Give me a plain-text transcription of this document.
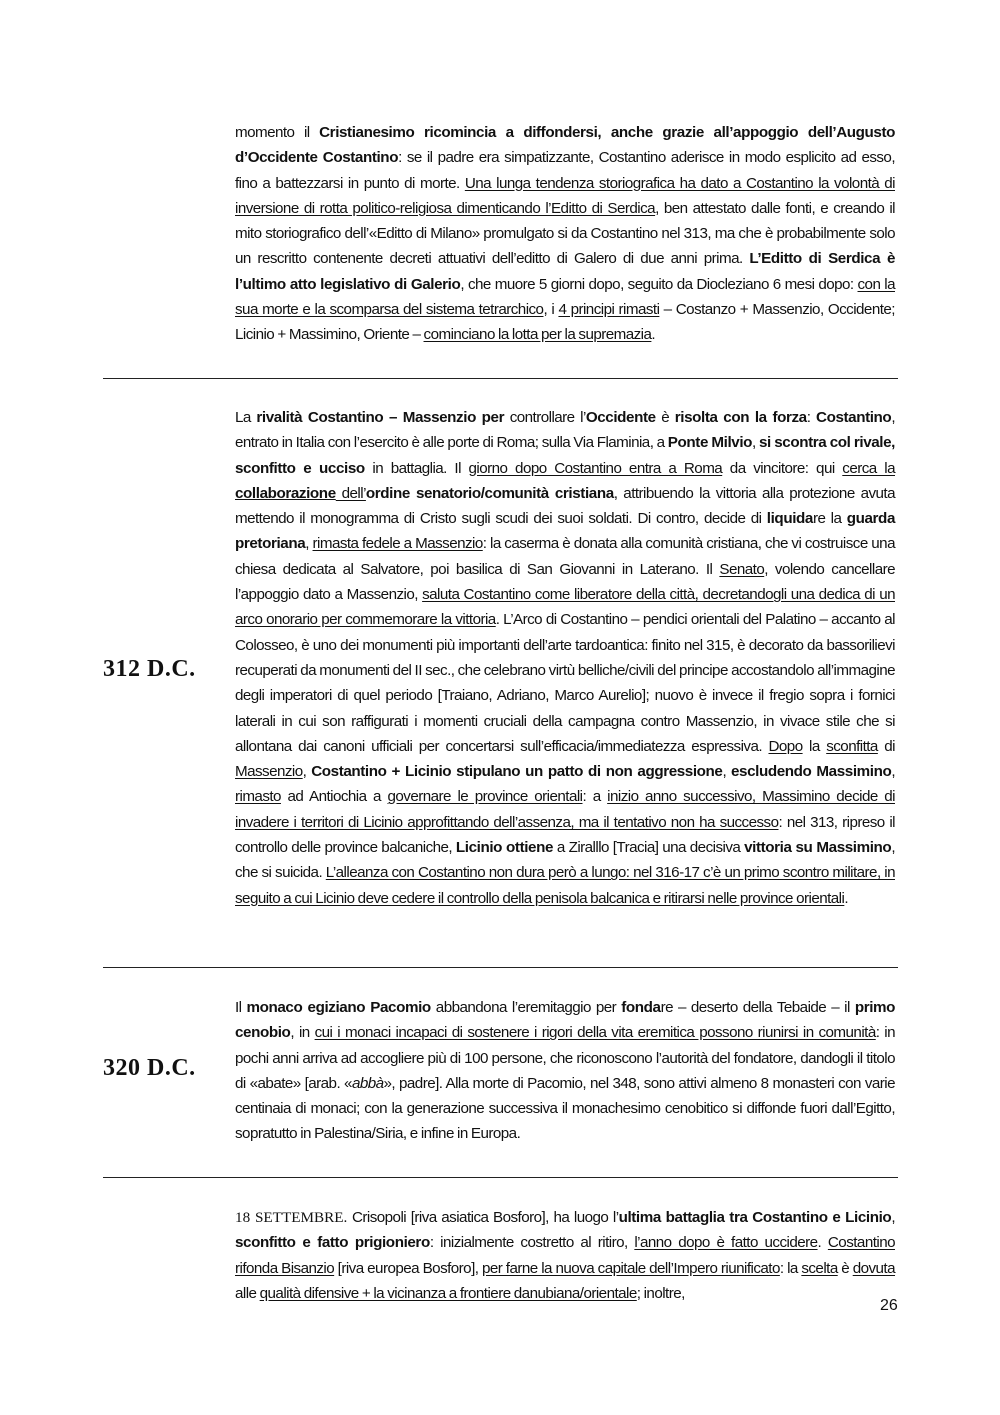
momento il Cristianesimo ricomincia a diffondersi, anche grazie all’appoggio dell’Augusto d’Occidente Costantino: se il padre era simpatizzante, Costantino aderisce in modo esplicito ad esso, fino a battezzarsi in punto di morte. Una lunga tendenza storiografica ha dato a Costantino la volontà di inversione di rotta politico-religiosa dimenticando l’Editto di Serdica, ben attestato dalle fonti, e creando il mito storiografico dell’«Editto di Milano» promulgato si da Costantino nel 313, ma che è probabilmente solo un rescritto contenente decreti attuativi dell’editto di Galero di due anni prima. L’Editto di Serdica è l’ultimo atto legislativo di Galerio, che muore 5 giorni dopo, seguito da Diocleziano 6 mesi dopo: con la sua morte e la scomparsa del sistema tetrarchico, i 4 principi rimasti – Costanzo + Massenzio, Occidente; Licinio + Massimino, Oriente – cominciano la lotta per la supremazia.
312 D.C.
La rivalità Costantino – Massenzio per controllare l’Occidente è risolta con la forza: Costantino, entrato in Italia con l’esercito è alle porte di Roma; sulla Via Flaminia, a Ponte Milvio, si scontra col rivale, sconfitto e ucciso in battaglia. Il giorno dopo Costantino entra a Roma da vincitore: qui cerca la collaborazione dell’ordine senatorio/comunità cristiana, attribuendo la vittoria alla protezione avuta mettendo il monogramma di Cristo sugli scudi dei suoi soldati. Di contro, decide di liquidare la guarda pretoriana, rimasta fedele a Massenzio: la caserma è donata alla comunità cristiana, che vi costruisce una chiesa dedicata al Salvatore, poi basilica di San Giovanni in Laterano. Il Senato, volendo cancellare l’appoggio dato a Massenzio, saluta Costantino come liberatore della città, decretandogli una dedica di un arco onorario per commemorare la vittoria. L’Arco di Costantino – pendici orientali del Palatino – accanto al Colosseo, è uno dei monumenti più importanti dell’arte tardoantica: finito nel 315, è decorato da bassorilievi recuperati da monumenti del II sec., che celebrano virtù belliche/civili del principe accostandolo all’immagine degli imperatori di quel periodo [Traiano, Adriano, Marco Aurelio]; nuovo è invece il fregio sopra i fornici laterali in cui son raffigurati i momenti cruciali della campagna contro Massenzio, in vivace stile che si allontana dai canoni ufficiali per concertarsi sull’efficacia/immediatezza espressiva. Dopo la sconfitta di Massenzio, Costantino + Licinio stipulano un patto di non aggressione, escludendo Massimino, rimasto ad Antiochia a governare le province orientali: a inizio anno successivo, Massimino decide di invadere i territori di Licinio approfittando dell’assenza, ma il tentativo non ha successo: nel 313, ripreso il controllo delle province balcaniche, Licinio ottiene a Ziralllo [Tracia] una decisiva vittoria su Massimino, che si suicida. L’alleanza con Costantino non dura però a lungo: nel 316-17 c’è un primo scontro militare, in seguito a cui Licinio deve cedere il controllo della penisola balcanica e ritirarsi nelle province orientali.
320 D.C.
Il monaco egiziano Pacomio abbandona l’eremitaggio per fondare – deserto della Tebaide – il primo cenobio, in cui i monaci incapaci di sostenere i rigori della vita eremitica possono riunirsi in comunità: in pochi anni arriva ad accogliere più di 100 persone, che riconoscono l’autorità del fondatore, dandogli il titolo di «abate» [arab. «abbà», padre]. Alla morte di Pacomio, nel 348, sono attivi almeno 8 monasteri con varie centinaia di monaci; con la generazione successiva il monachesimo cenobitico si diffonde fuori dall’Egitto, sopratutto in Palestina/Siria, e infine in Europa.
18 SETTEMBRE. Crisopoli [riva asiatica Bosforo], ha luogo l’ultima battaglia tra Costantino e Licinio, sconfitto e fatto prigioniero: inizialmente costretto al ritiro, l’anno dopo è fatto uccidere. Costantino rifonda Bisanzio [riva europea Bosforo], per farne la nuova capitale dell’Impero riunificato: la scelta è dovuta alle qualità difensive + la vicinanza a frontiere danubiana/orientale; inoltre,
26
